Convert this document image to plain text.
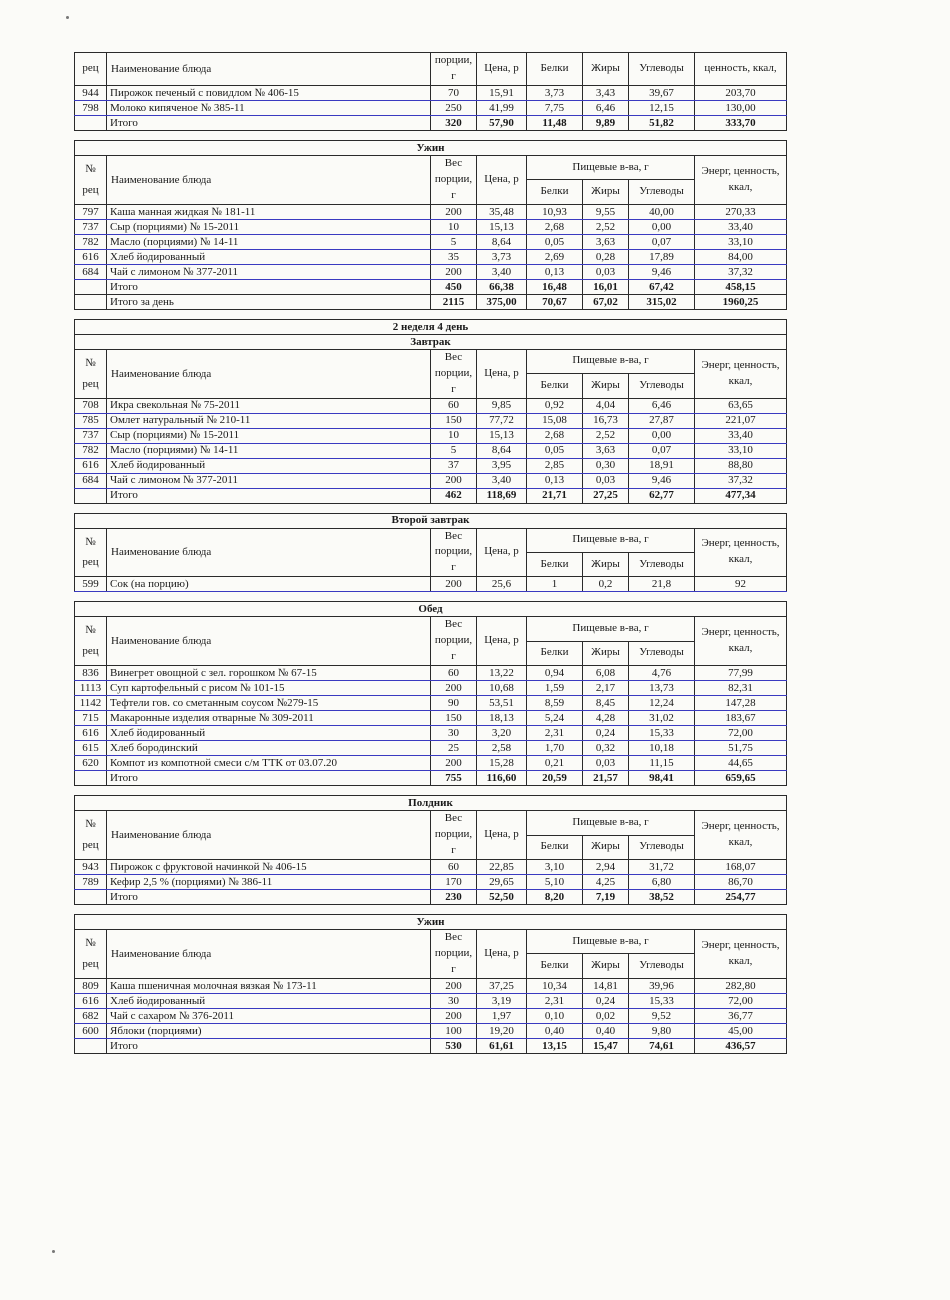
рец	Наименование блюда	порции, г	Цена, р	Белки	Жиры	Углеводы	ценность, ккал,

944	Пирожок печеный с повидлом № 406-15	70	15,91	3,73	3,43	39,67	203,70
798	Молоко кипяченое № 385-11	250	41,99	7,75	6,46	12,15	130,00
	Итого	320	57,90	11,48	9,89	51,82	333,70

Ужин							
№
рец	Наименование блюда	Вес порции, г	Цена, р	Пищевые в-ва, г			Энерг, ценность, ккал,
				Белки	Жиры	Углеводы	
797	Каша манная жидкая № 181-11	200	35,48	10,93	9,55	40,00	270,33
737	Сыр (порциями) № 15-2011	10	15,13	2,68	2,52	0,00	33,40
782	Масло (порциями) № 14-11	5	8,64	0,05	3,63	0,07	33,10
616	Хлеб йодированный	35	3,73	2,69	0,28	17,89	84,00
684	Чай с лимоном № 377-2011	200	3,40	0,13	0,03	9,46	37,32
	Итого	450	66,38	16,48	16,01	67,42	458,15
	Итого за день	2115	375,00	70,67	67,02	315,02	1960,25

2 неделя 4 день							
Завтрак							
№
рец	Наименование блюда	Вес порции, г	Цена, р	Пищевые в-ва, г			Энерг, ценность, ккал,
				Белки	Жиры	Углеводы	
708	Икра свекольная № 75-2011	60	9,85	0,92	4,04	6,46	63,65
785	Омлет натуральный № 210-11	150	77,72	15,08	16,73	27,87	221,07
737	Сыр (порциями) № 15-2011	10	15,13	2,68	2,52	0,00	33,40
782	Масло (порциями) № 14-11	5	8,64	0,05	3,63	0,07	33,10
616	Хлеб йодированный	37	3,95	2,85	0,30	18,91	88,80
684	Чай с лимоном № 377-2011	200	3,40	0,13	0,03	9,46	37,32
	Итого	462	118,69	21,71	27,25	62,77	477,34

Второй завтрак							
№
рец	Наименование блюда	Вес порции, г	Цена, р	Пищевые в-ва, г			Энерг, ценность, ккал,
				Белки	Жиры	Углеводы	
599	Сок (на порцию)	200	25,6	1	0,2	21,8	92

Обед							
№
рец	Наименование блюда	Вес порции, г	Цена, р	Пищевые в-ва, г			Энерг, ценность, ккал,
				Белки	Жиры	Углеводы	
836	Винегрет овощной с зел. горошком № 67-15	60	13,22	0,94	6,08	4,76	77,99
1113	Суп картофельный с рисом № 101-15	200	10,68	1,59	2,17	13,73	82,31
1142	Тефтели гов. со сметанным соусом №279-15	90	53,51	8,59	8,45	12,24	147,28
715	Макаронные изделия отварные № 309-2011	150	18,13	5,24	4,28	31,02	183,67
616	Хлеб йодированный	30	3,20	2,31	0,24	15,33	72,00
615	Хлеб бородинский	25	2,58	1,70	0,32	10,18	51,75
620	Компот из компотной смеси с/м ТТК от 03.07.20	200	15,28	0,21	0,03	11,15	44,65
	Итого	755	116,60	20,59	21,57	98,41	659,65

Полдник							
№
рец	Наименование блюда	Вес порции, г	Цена, р	Пищевые в-ва, г			Энерг, ценность, ккал,
				Белки	Жиры	Углеводы	
943	Пирожок с фруктовой начинкой № 406-15	60	22,85	3,10	2,94	31,72	168,07
789	Кефир 2,5 % (порциями) № 386-11	170	29,65	5,10	4,25	6,80	86,70
	Итого	230	52,50	8,20	7,19	38,52	254,77

Ужин							
№
рец	Наименование блюда	Вес порции, г	Цена, р	Пищевые в-ва, г			Энерг, ценность, ккал,
				Белки	Жиры	Углеводы	
809	Каша пшеничная молочная вязкая № 173-11	200	37,25	10,34	14,81	39,96	282,80
616	Хлеб йодированный	30	3,19	2,31	0,24	15,33	72,00
682	Чай с сахаром № 376-2011	200	1,97	0,10	0,02	9,52	36,77
600	Яблоки (порциями)	100	19,20	0,40	0,40	9,80	45,00
	Итого	530	61,61	13,15	15,47	74,61	436,57
